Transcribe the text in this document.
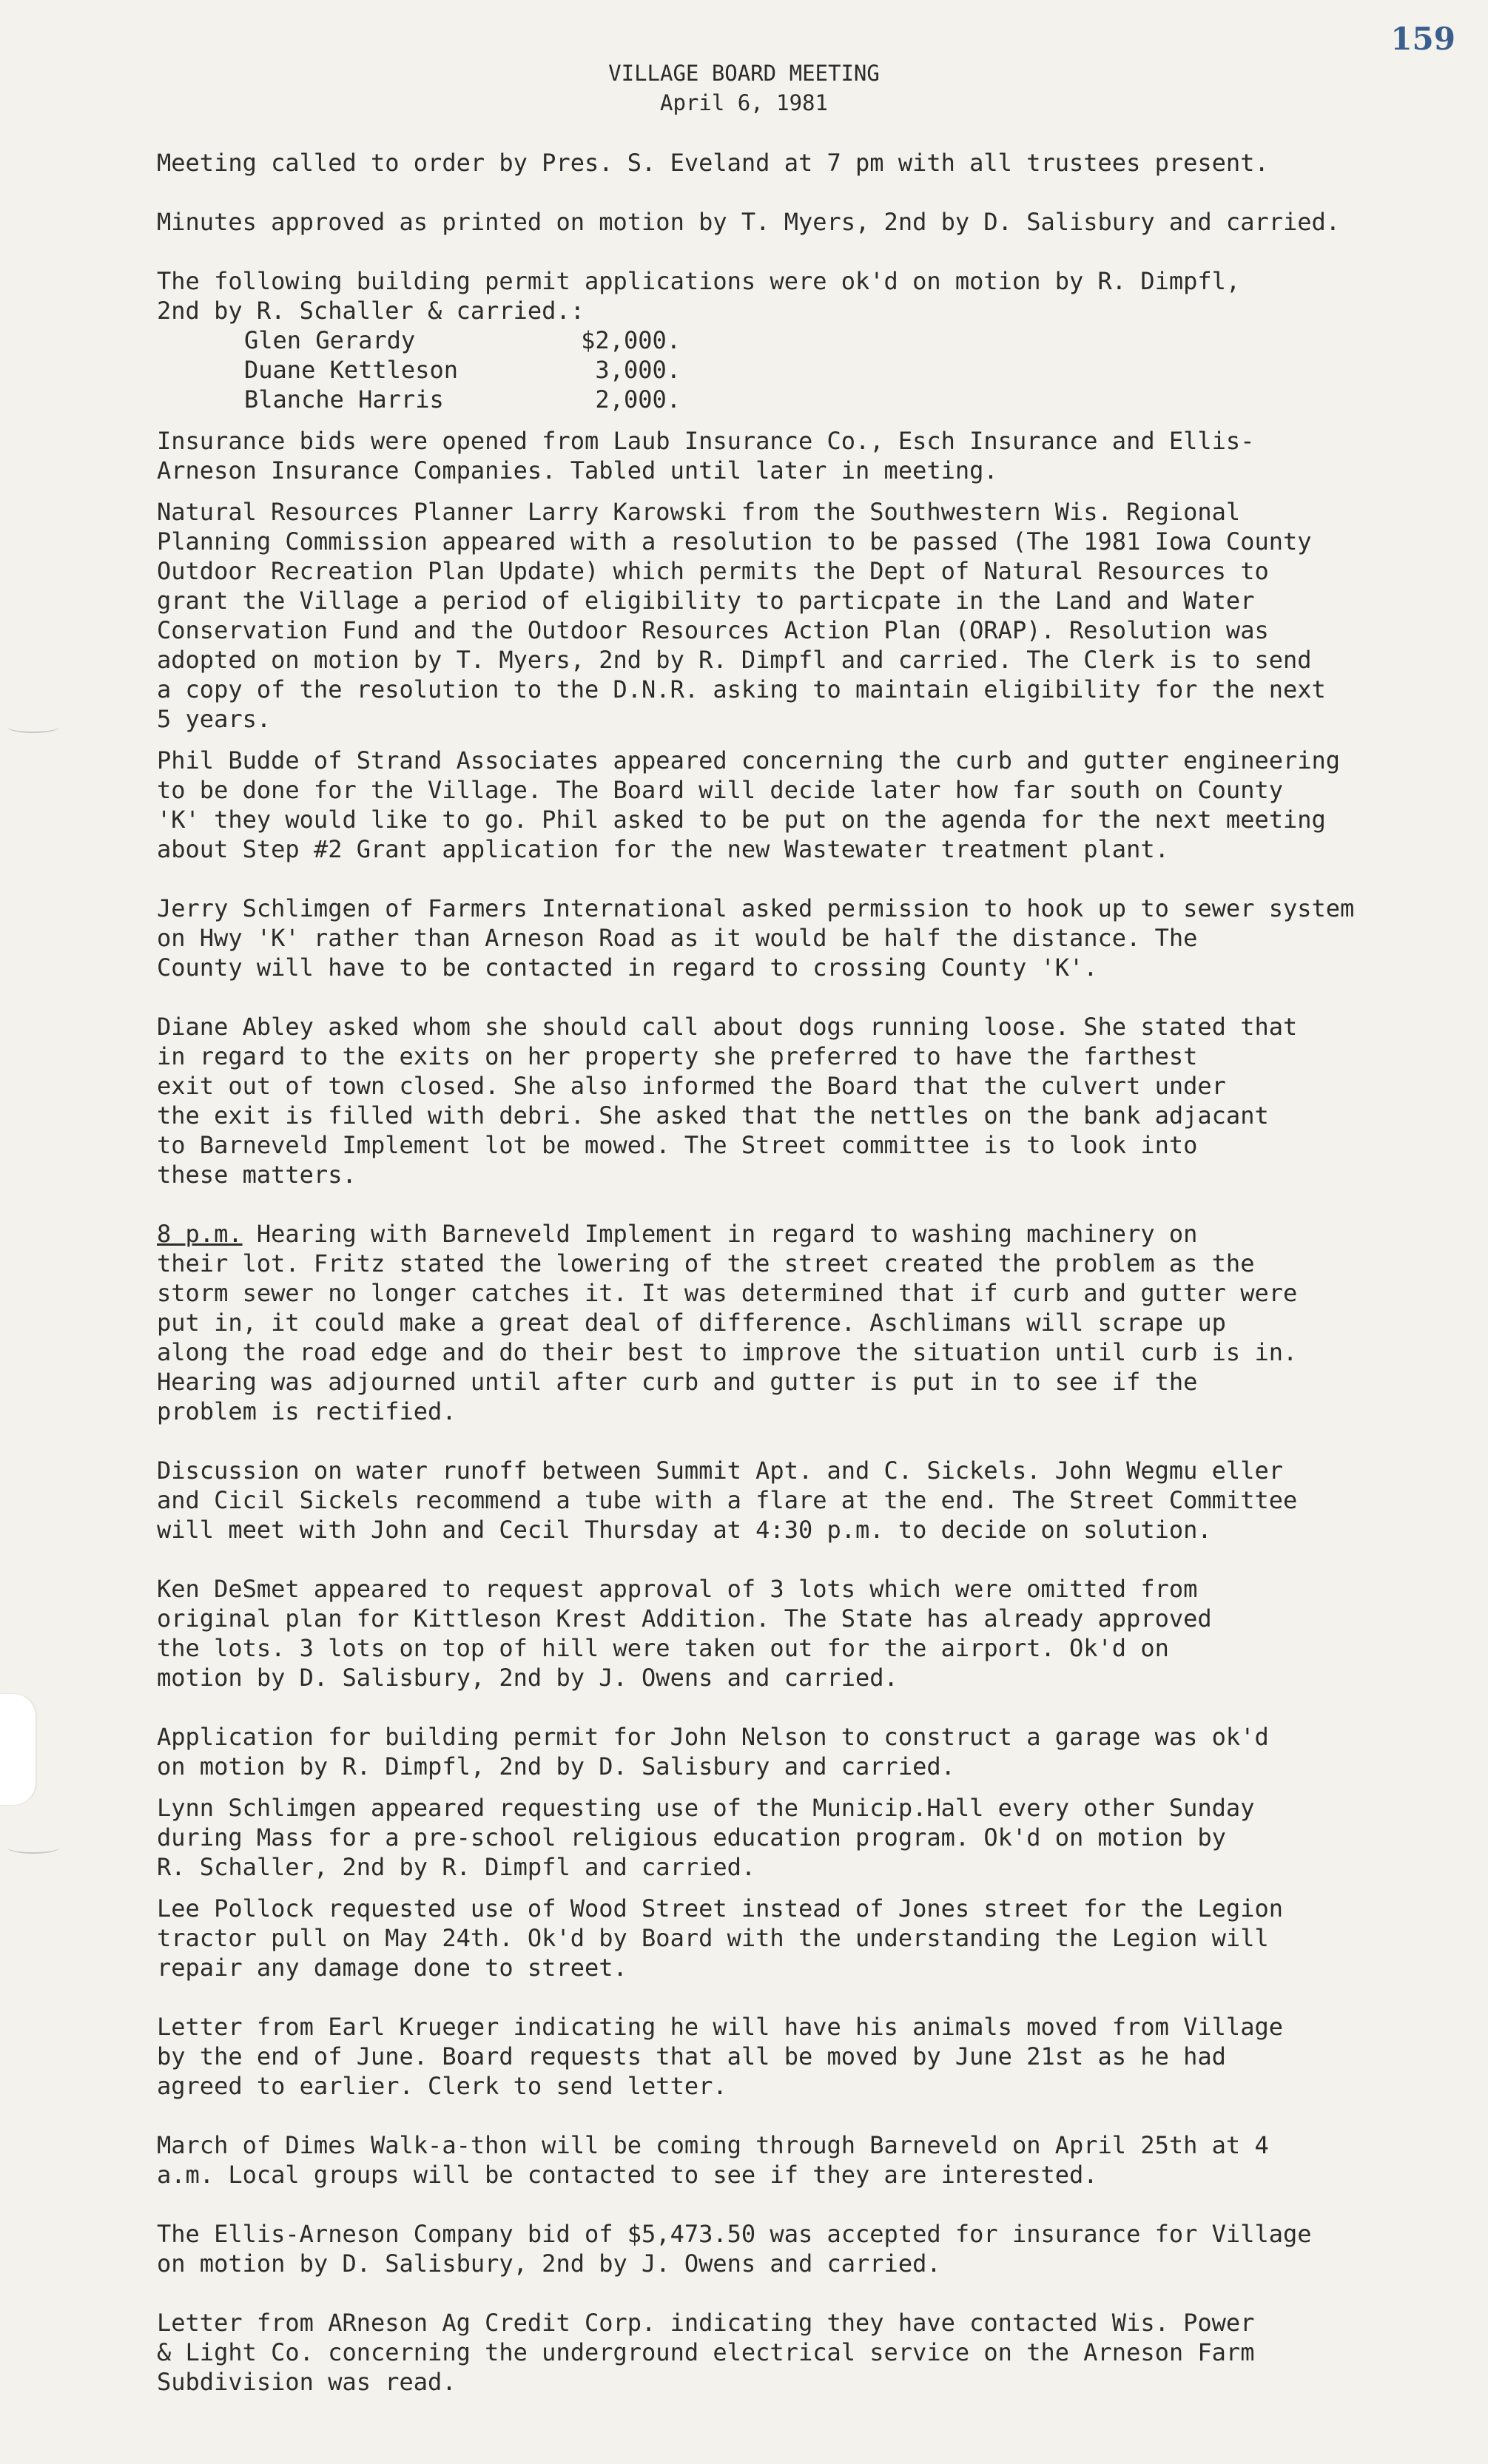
159
VILLAGE BOARD MEETING
April 6, 1981

Meeting called to order by Pres. S. Eveland at 7 pm with all trustees present.

Minutes approved as printed on motion by T. Myers, 2nd by D. Salisbury and carried.

The following building permit applications were ok'd on motion by R. Dimpfl,
2nd by R. Schaller & carried.:

Glen Gerardy	$2,000.
Duane Kettleson	3,000.
Blanche Harris	2,000.

Insurance bids were opened from Laub Insurance Co., Esch Insurance and Ellis-
Arneson Insurance Companies. Tabled until later in meeting.

Natural Resources Planner Larry Karowski from the Southwestern Wis. Regional
Planning Commission appeared with a resolution to be passed (The 1981 Iowa County
Outdoor Recreation Plan Update) which permits the Dept of Natural Resources to
grant the Village a period of eligibility to particpate in the Land and Water
Conservation Fund and the Outdoor Resources Action Plan (ORAP). Resolution was
adopted on motion by T. Myers, 2nd by R. Dimpfl and carried. The Clerk is to send
a copy of the resolution to the D.N.R. asking to maintain eligibility for the next
5 years.

Phil Budde of Strand Associates appeared concerning the curb and gutter engineering
to be done for the Village. The Board will decide later how far south on County
'K' they would like to go. Phil asked to be put on the agenda for the next meeting
about Step #2 Grant application for the new Wastewater treatment plant.

Jerry Schlimgen of Farmers International asked permission to hook up to sewer system
on Hwy 'K' rather than Arneson Road as it would be half the distance. The
County will have to be contacted in regard to crossing County 'K'.

Diane Abley asked whom she should call about dogs running loose. She stated that
in regard to the exits on her property she preferred to have the farthest
exit out of town closed. She also informed the Board that the culvert under
the exit is filled with debri. She asked that the nettles on the bank adjacant
to Barneveld Implement lot be mowed. The Street committee is to look into
these matters.

8 p.m. Hearing with Barneveld Implement in regard to washing machinery on
their lot. Fritz stated the lowering of the street created the problem as the
storm sewer no longer catches it. It was determined that if curb and gutter were
put in, it could make a great deal of difference. Aschlimans will scrape up
along the road edge and do their best to improve the situation until curb is in.
Hearing was adjourned until after curb and gutter is put in to see if the
problem is rectified.

Discussion on water runoff between Summit Apt. and C. Sickels. John Wegmu eller
and Cicil Sickels recommend a tube with a flare at the end. The Street Committee
will meet with John and Cecil Thursday at 4:30 p.m. to decide on solution.

Ken DeSmet appeared to request approval of 3 lots which were omitted from
original plan for Kittleson Krest Addition. The State has already approved
the lots. 3 lots on top of hill were taken out for the airport. Ok'd on
motion by D. Salisbury, 2nd by J. Owens and carried.

Application for building permit for John Nelson to construct a garage was ok'd
on motion by R. Dimpfl, 2nd by D. Salisbury and carried.

Lynn Schlimgen appeared requesting use of the Municip.Hall every other Sunday
during Mass for a pre-school religious education program. Ok'd on motion by
R. Schaller, 2nd by R. Dimpfl and carried.

Lee Pollock requested use of Wood Street instead of Jones street for the Legion
tractor pull on May 24th. Ok'd by Board with the understanding the Legion will
repair any damage done to street.

Letter from Earl Krueger indicating he will have his animals moved from Village
by the end of June. Board requests that all be moved by June 21st as he had
agreed to earlier. Clerk to send letter.

March of Dimes Walk-a-thon will be coming through Barneveld on April 25th at 4
a.m. Local groups will be contacted to see if they are interested.

The Ellis-Arneson Company bid of $5,473.50 was accepted for insurance for Village
on motion by D. Salisbury, 2nd by J. Owens and carried.

Letter from ARneson Ag Credit Corp. indicating they have contacted Wis. Power
& Light Co. concerning the underground electrical service on the Arneson Farm
Subdivision was read.
